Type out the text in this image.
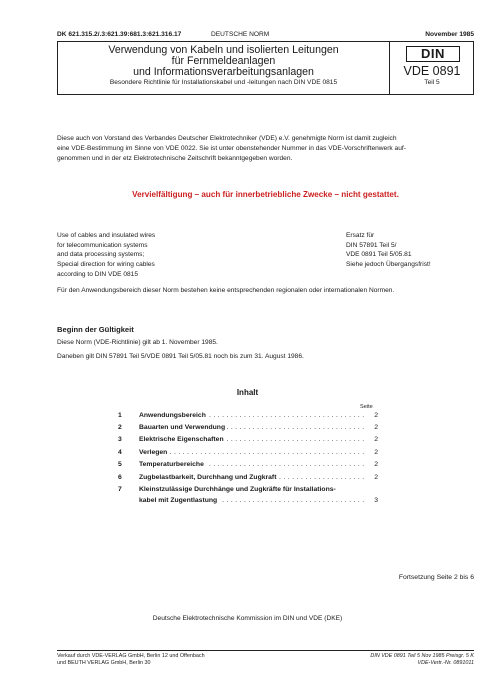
DK 621.315.2/.3:621.39:681.3:621.316.17	DEUTSCHE NORM	November 1985
Verwendung von Kabeln und isolierten Leitungen
für Fernmeldeanlagen
und Informationsverarbeitungsanlagen
Besondere Richtlinie für Installationskabel und -leitungen nach DIN VDE 0815
DIN
VDE 0891
Teil 5
Diese auch von Vorstand des Verbandes Deutscher Elektrotechniker (VDE) e.V. genehmigte Norm ist damit zugleich
eine VDE-Bestimmung im Sinne von VDE 0022. Sie ist unter obenstehender Nummer in das VDE-Vorschriftenwerk auf-
genommen und in der etz Elektrotechnische Zeitschrift bekanntgegeben worden.
Vervielfältigung – auch für innerbetriebliche Zwecke – nicht gestattet.
Use of cables and insulated wires
for telecommunication systems
and data processing systems;
Special direction for wiring cables
according to DIN VDE 0815
Ersatz für
DIN 57891 Teil 5/
VDE 0891 Teil 5/05.81
Siehe jedoch Übergangsfrist!
Für den Anwendungsbereich dieser Norm bestehen keine entsprechenden regionalen oder internationalen Normen.
Beginn der Gültigkeit
Diese Norm (VDE-Richtlinie) gilt ab 1. November 1985.
Daneben gilt DIN 57891 Teil 5/VDE 0891 Teil 5/05.81 noch bis zum 31. August 1986.
Inhalt
Seite
1	Anwendungsbereich . . .	2
2	Bauarten und Verwendung . . .	2
3	Elektrische Eigenschaften . . .	2
4	Verlegen . . .	2
5	Temperaturbereiche . . .	2
6	Zugbelastbarkeit, Durchhang und Zugkraft . . .	2
7	Kleinstzulässige Durchhänge und Zugkräfte für Installations-
kabel mit Zugentlastung . . .	3
Fortsetzung Seite 2 bis 6
Deutsche Elektrotechnische Kommission im DIN und VDE (DKE)
Verkauf durch VDE-VERLAG GmbH, Berlin 12 und Offenbach
und BEUTH VERLAG GmbH, Berlin 30
DIN VDE 0891 Teil 5 Nov 1985 Preisgr. 5 K
VDE-Vertr.-Nr. 0891011
